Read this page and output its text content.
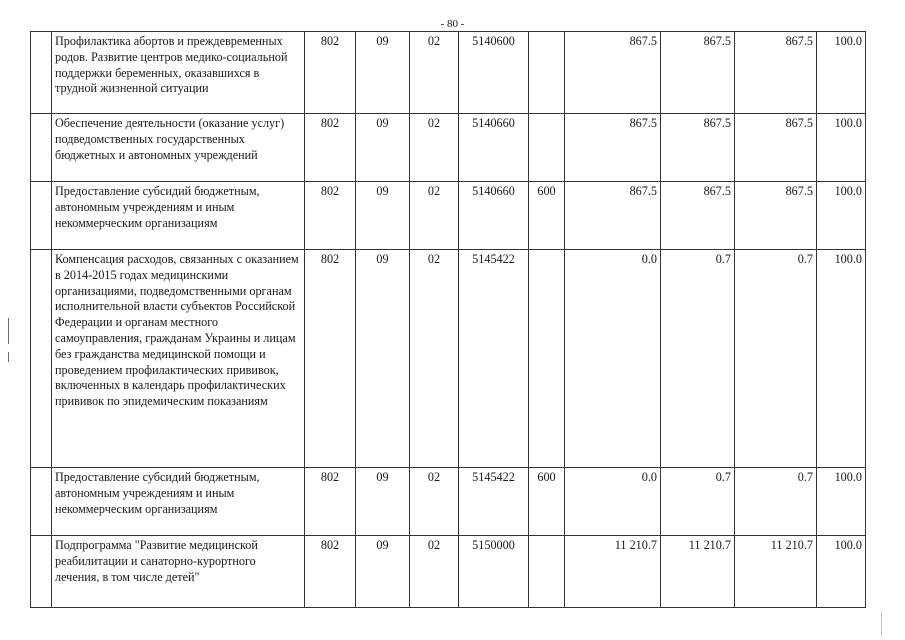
- 80 -
	Профилактика абортов и преждевременных родов. Развитие центров медико-социальной поддержки беременных, оказавшихся в трудной жизненной ситуации	802	09	02	5140600		867.5	867.5	867.5	100.0
	Обеспечение деятельности (оказание услуг) подведомственных государственных бюджетных и автономных учреждений	802	09	02	5140660		867.5	867.5	867.5	100.0
	Предоставление субсидий бюджетным, автономным учреждениям и иным некоммерческим организациям	802	09	02	5140660	600	867.5	867.5	867.5	100.0
	Компенсация расходов, связанных с оказанием в 2014-2015 годах медицинскими организациями, подведомственными органам исполнительной власти субъектов Российской Федерации и органам местного самоуправления, гражданам Украины и лицам без гражданства медицинской помощи и проведением профилактических прививок, включенных в календарь профилактических прививок по эпидемическим показаниям	802	09	02	5145422		0.0	0.7	0.7	100.0
	Предоставление субсидий бюджетным, автономным учреждениям и иным некоммерческим организациям	802	09	02	5145422	600	0.0	0.7	0.7	100.0
	Подпрограмма "Развитие медицинской реабилитации и санаторно-курортного лечения, в том числе детей"	802	09	02	5150000		11 210.7	11 210.7	11 210.7	100.0
